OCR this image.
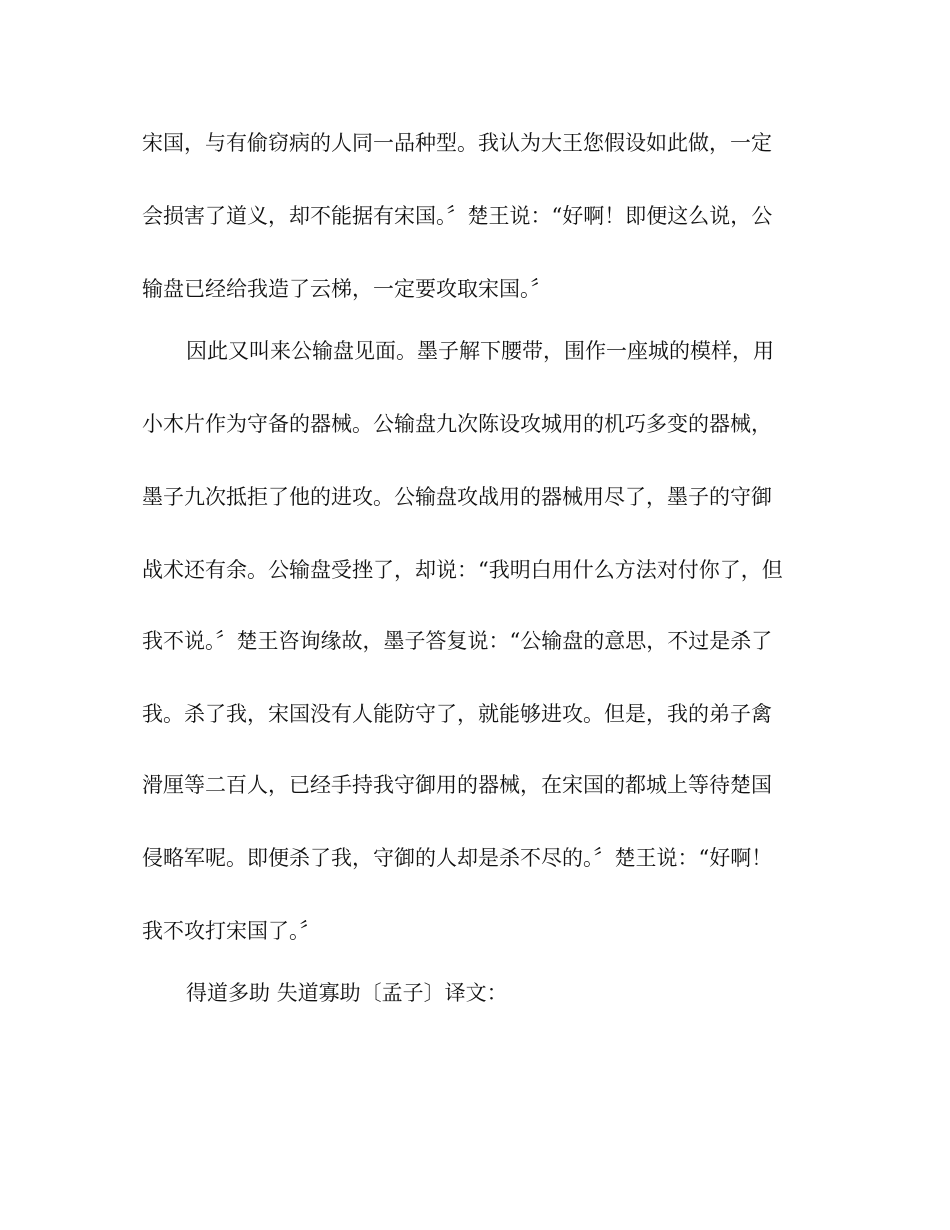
宋国，与有偷窃病的人同一品种型。我认为大王您假设如此做，一定
会损害了道义，却不能据有宋国。〞楚王说：“好啊！即便这么说，公
输盘已经给我造了云梯，一定要攻取宋国。〞
因此又叫来公输盘见面。墨子解下腰带，围作一座城的模样，用
小木片作为守备的器械。公输盘九次陈设攻城用的机巧多变的器械，
墨子九次抵拒了他的进攻。公输盘攻战用的器械用尽了，墨子的守御
战术还有余。公输盘受挫了，却说：“我明白用什么方法对付你了，但
我不说。〞楚王咨询缘故，墨子答复说：“公输盘的意思，不过是杀了
我。杀了我，宋国没有人能防守了，就能够进攻。但是，我的弟子禽
滑厘等二百人，已经手持我守御用的器械，在宋国的都城上等待楚国
侵略军呢。即便杀了我，守御的人却是杀不尽的。〞楚王说：“好啊！
我不攻打宋国了。〞
得道多助 失道寡助〔孟子〕译文：
